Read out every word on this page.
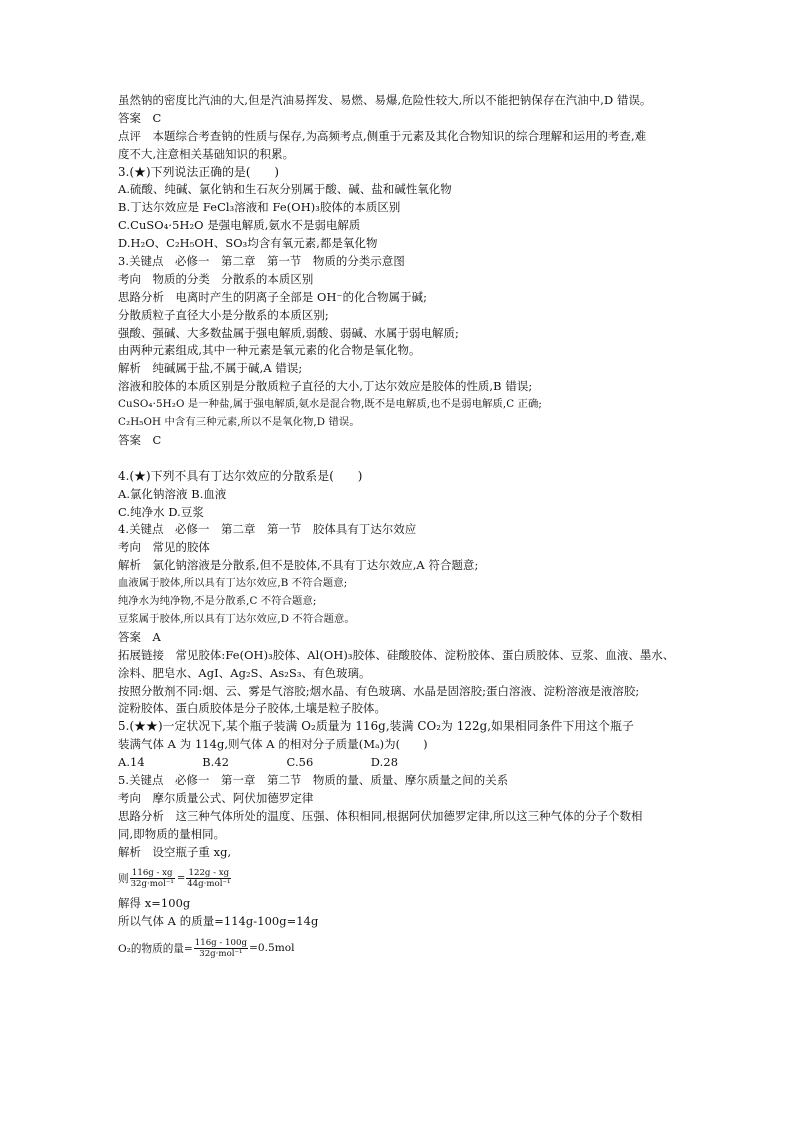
虽然钠的密度比汽油的大,但是汽油易挥发、易燃、易爆,危险性较大,所以不能把钠保存在汽油中,D 错误。
答案　C
点评　本题综合考查钠的性质与保存,为高频考点,侧重于元素及其化合物知识的综合理解和运用的考查,难
度不大,注意相关基础知识的积累。
3.(★)下列说法正确的是(　　)
A.硫酸、纯碱、氯化钠和生石灰分别属于酸、碱、盐和碱性氧化物
B.丁达尔效应是 FeCl₃溶液和 Fe(OH)₃胶体的本质区别
C.CuSO₄·5H₂O 是强电解质,氨水不是弱电解质
D.H₂O、C₂H₅OH、SO₃均含有氧元素,都是氧化物
3.关键点　必修一　第二章　第一节　物质的分类示意图
考向　物质的分类　分散系的本质区别
思路分析　电离时产生的阴离子全部是 OH⁻的化合物属于碱;
分散质粒子直径大小是分散系的本质区别;
强酸、强碱、大多数盐属于强电解质,弱酸、弱碱、水属于弱电解质;
由两种元素组成,其中一种元素是氧元素的化合物是氧化物。
解析　纯碱属于盐,不属于碱,A 错误;
溶液和胶体的本质区别是分散质粒子直径的大小,丁达尔效应是胶体的性质,B 错误;
CuSO₄·5H₂O 是一种盐,属于强电解质,氨水是混合物,既不是电解质,也不是弱电解质,C 正确;
C₂H₅OH 中含有三种元素,所以不是氧化物,D 错误。
答案　C
4.(★)下列不具有丁达尔效应的分散系是(　　)
A.氯化钠溶液 B.血液
C.纯净水 D.豆浆
4.关键点　必修一　第二章　第一节　胶体具有丁达尔效应
考向　常见的胶体
解析　氯化钠溶液是分散系,但不是胶体,不具有丁达尔效应,A 符合题意;
血液属于胶体,所以具有丁达尔效应,B 不符合题意;
纯净水为纯净物,不是分散系,C 不符合题意;
豆浆属于胶体,所以具有丁达尔效应,D 不符合题意。
答案　A
拓展链接　常见胶体:Fe(OH)₃胶体、Al(OH)₃胶体、硅酸胶体、淀粉胶体、蛋白质胶体、豆浆、血液、墨水、
涂料、肥皂水、AgI、Ag₂S、As₂S₃、有色玻璃。
按照分散剂不同:烟、云、雾是气溶胶;烟水晶、有色玻璃、水晶是固溶胶;蛋白溶液、淀粉溶液是液溶胶;
淀粉胶体、蛋白质胶体是分子胶体,土壤是粒子胶体。
5.(★★)一定状况下,某个瓶子装满 O₂质量为 116g,装满 CO₂为 122g,如果相同条件下用这个瓶子
装满气体 A 为 114g,则气体 A 的相对分子质量(Mₐ)为(　　)
A.14　　　　　B.42　　　　　C.56　　　　　D.28
5.关键点　必修一　第一章　第二节　物质的量、质量、摩尔质量之间的关系
考向　摩尔质量公式、阿伏加德罗定律
思路分析　这三种气体所处的温度、压强、体积相同,根据阿伏加德罗定律,所以这三种气体的分子个数相
同,即物质的量相同。
解析　设空瓶子重 xg,
则 $\frac{116g - xg}{\text{32g·mol⁻¹}} = \frac{122g - xg}{\text{44g·mol⁻¹}}$
解得 x=100g
所以气体 A 的质量=114g-100g=14g
O₂的物质的量= $\frac{116g - 100g}{\text{32g·mol⁻¹}} =0.5mol$
